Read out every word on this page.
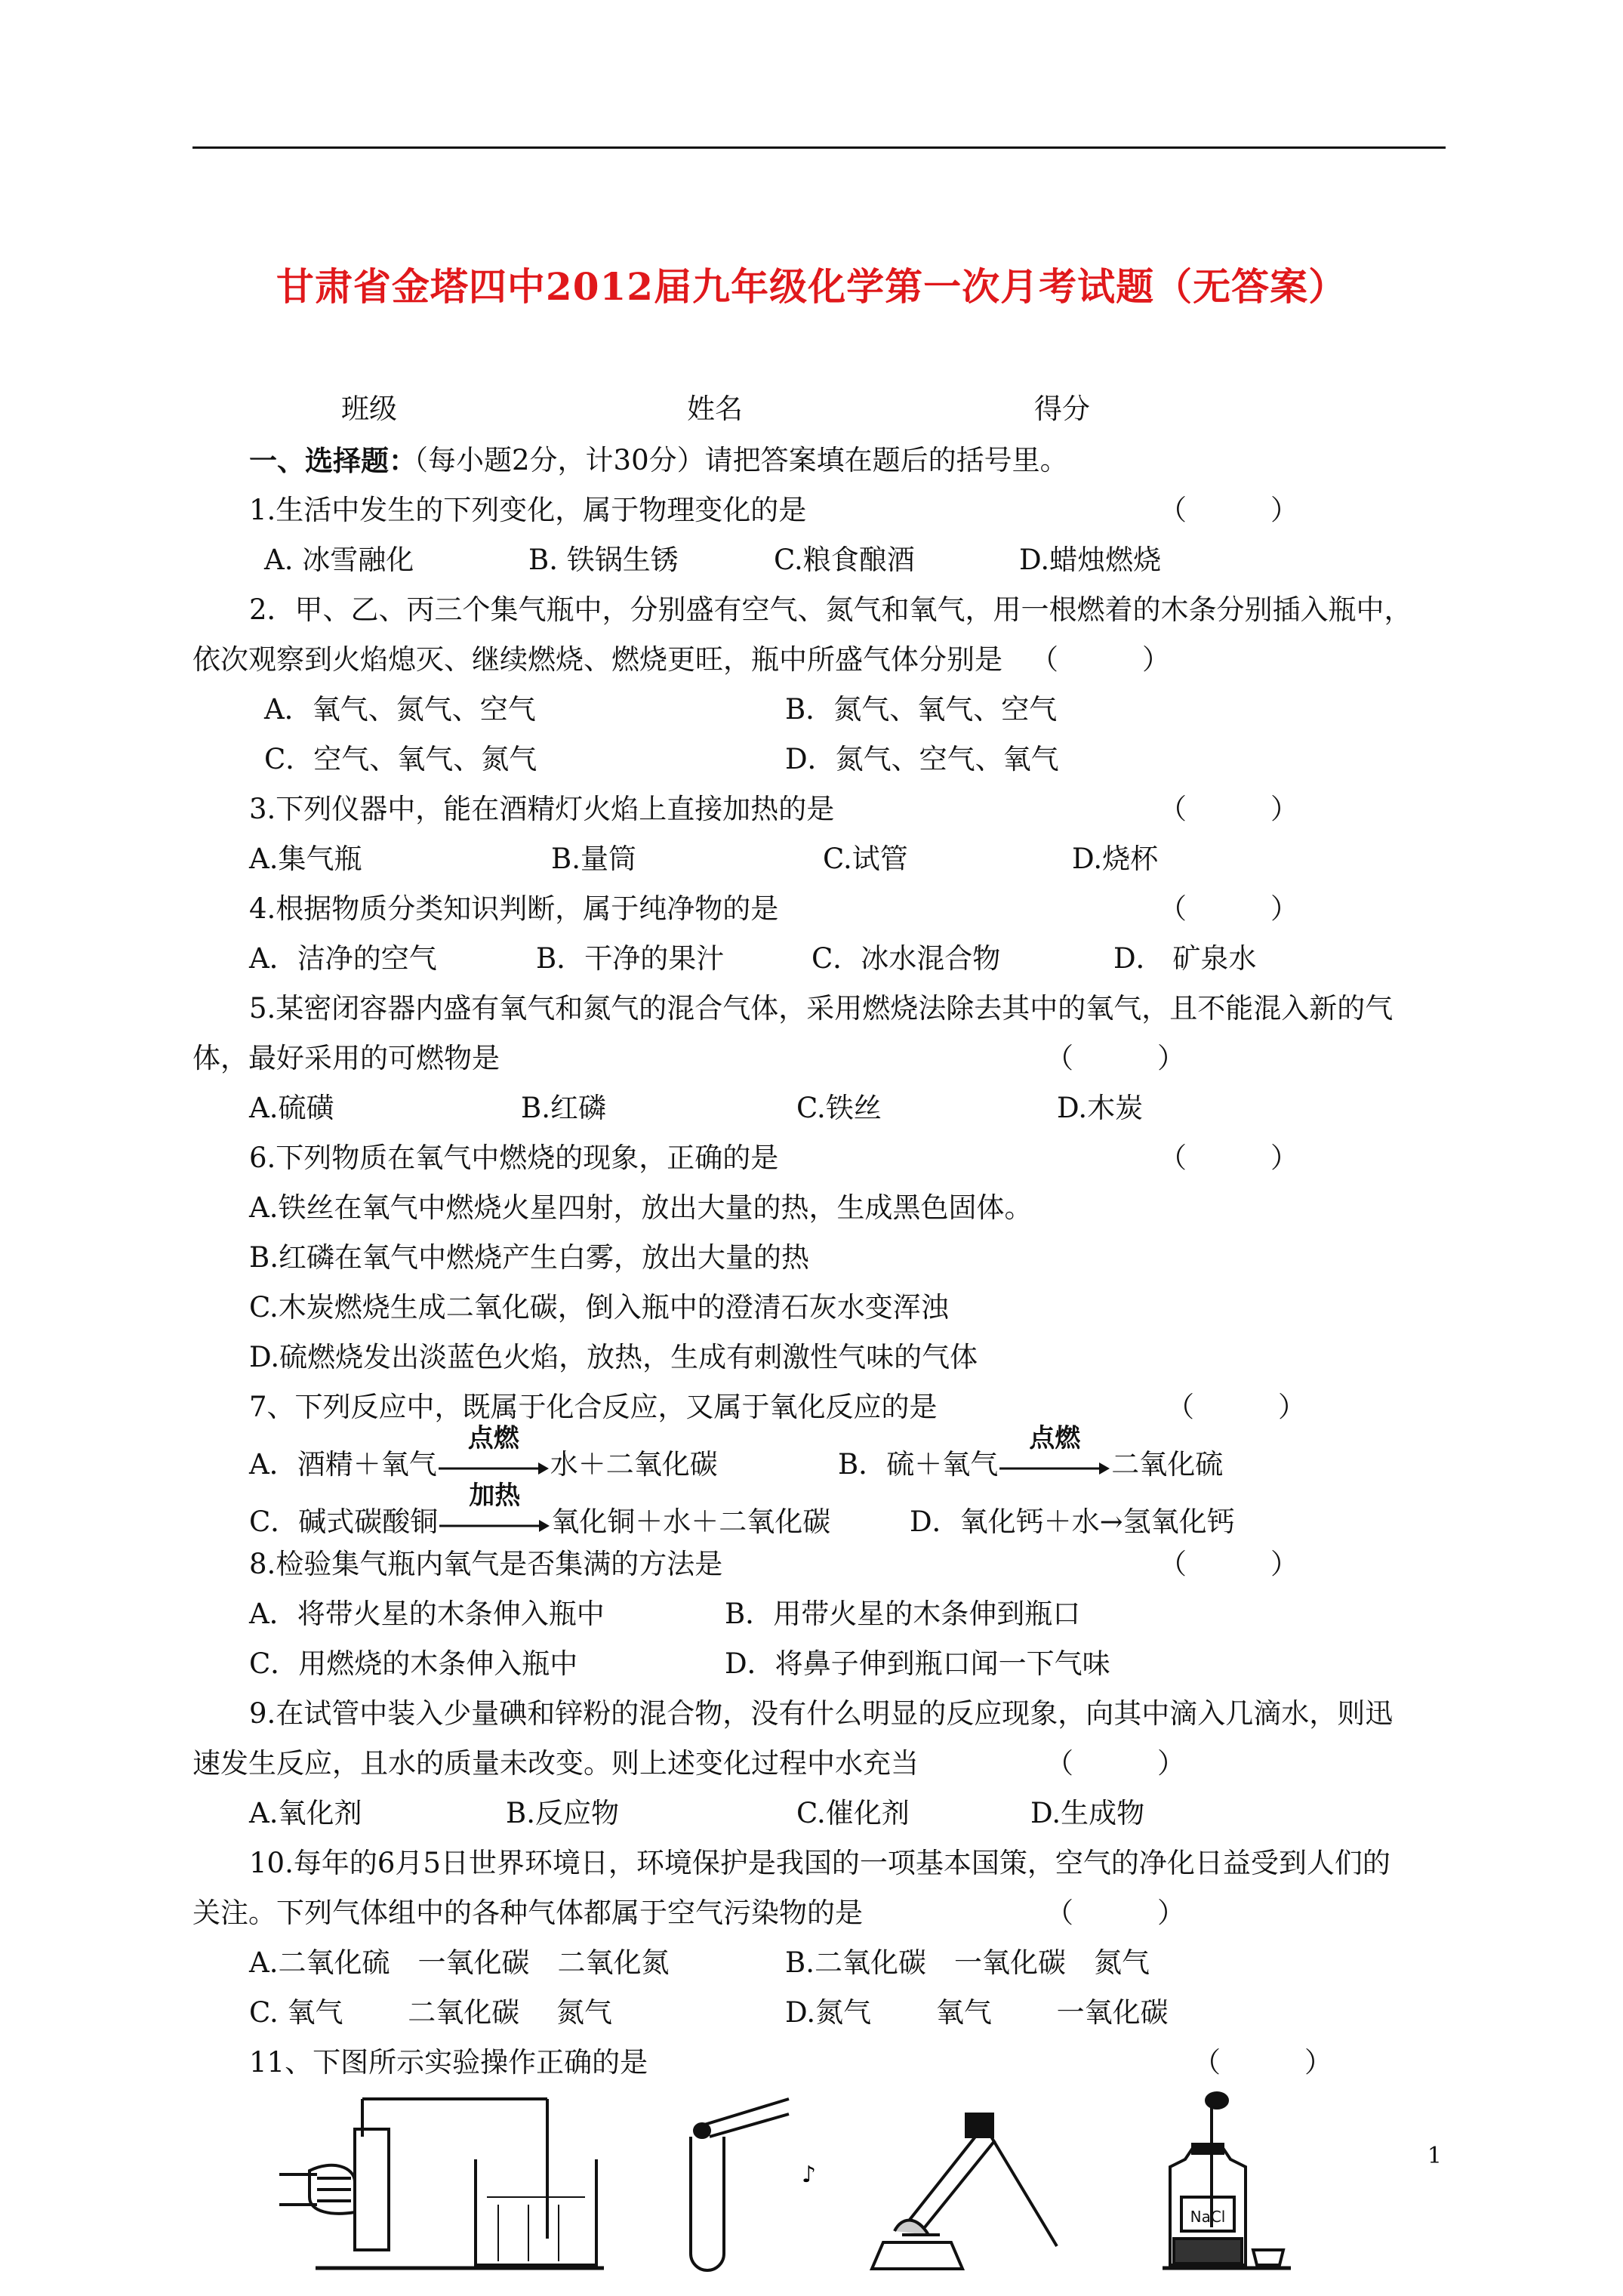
甘肃省金塔四中2012届九年级化学第一次月考试题（无答案）
班级	姓名	得分
一、选择题：
（每小题2分，计30分）请把答案填在题后的括号里。
1.生活中发生的下列变化，属于物理变化的是	（　　　）
A. 冰雪融化	B. 铁锅生锈	C.粮食酿酒	D.蜡烛燃烧
2．甲、乙、丙三个集气瓶中，分别盛有空气、氮气和氧气，用一根燃着的木条分别插入瓶中，
依次观察到火焰熄灭、继续燃烧、燃烧更旺，瓶中所盛气体分别是 （　　　）
A．氧气、氮气、空气	B．氮气、氧气、空气
C．空气、氧气、氮气	D．氮气、空气、氧气
3.下列仪器中，能在酒精灯火焰上直接加热的是	（　　　）
A.集气瓶	B.量筒	C.试管	D.烧杯
4.根据物质分类知识判断，属于纯净物的是	（　　　）
A．洁净的空气	B．干净的果汁	C．冰水混合物	D． 矿泉水
5.某密闭容器内盛有氧气和氮气的混合气体，采用燃烧法除去其中的氧气，且不能混入新的气
体，最好采用的可燃物是	（　　　）
A.硫磺	B.红磷	C.铁丝	D.木炭
6.下列物质在氧气中燃烧的现象，正确的是	（　　　）
A.铁丝在氧气中燃烧火星四射，放出大量的热，生成黑色固体。
B.红磷在氧气中燃烧产生白雾，放出大量的热
C.木炭燃烧生成二氧化碳，倒入瓶中的澄清石灰水变浑浊
D.硫燃烧发出淡蓝色火焰，放热，生成有刺激性气味的气体
7、下列反应中，既属于化合反应，又属于氧化反应的是	（　　　）
A．酒精＋氧气
点燃
水＋二氧化碳	B．硫＋氧气
点燃
二氧化硫
C．碱式碳酸铜
加热
氧化铜＋水＋二氧化碳	D．氧化钙＋水→氢氧化钙
8.检验集气瓶内氧气是否集满的方法是	（　　　）
A．将带火星的木条伸入瓶中	B．用带火星的木条伸到瓶口
C．用燃烧的木条伸入瓶中	D．将鼻子伸到瓶口闻一下气味
9.在试管中装入少量碘和锌粉的混合物，没有什么明显的反应现象，向其中滴入几滴水，则迅
速发生反应，且水的质量未改变。则上述变化过程中水充当	（　　　）
A.氧化剂	B.反应物	C.催化剂	D.生成物
10.每年的6月5日世界环境日，环境保护是我国的一项基本国策，空气的净化日益受到人们的
关注。下列气体组中的各种气体都属于空气污染物的是	（　　　）
A.二氧化硫　一氧化碳　二氧化氮	B.二氧化碳　一氧化碳　氮气
C. 氧气　　 二氧化碳　 氮气	D.氮气　　 氧气　　 一氧化碳
11、下图所示实验操作正确的是	（　　　）
♪
NaCl
1
